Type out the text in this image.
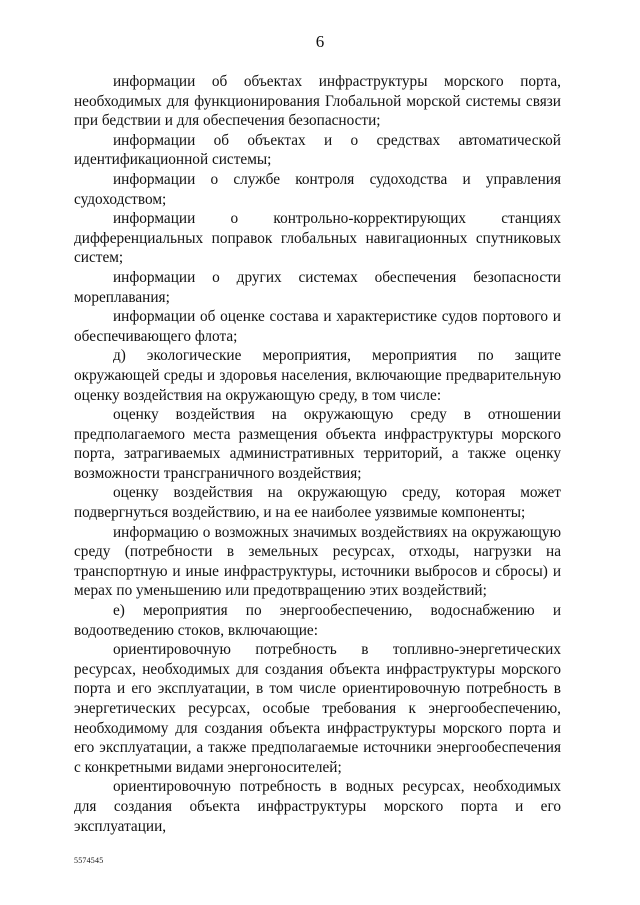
6

информации об объектах инфраструктуры морского порта, необходимых для функционирования Глобальной морской системы связи при бедствии и для обеспечения безопасности;

информации об объектах и о средствах автоматической идентификационной системы;

информации о службе контроля судоходства и управления судоходством;

информации о контрольно-корректирующих станциях дифференциальных поправок глобальных навигационных спутниковых систем;

информации о других системах обеспечения безопасности мореплавания;

информации об оценке состава и характеристике судов портового и обеспечивающего флота;

д) экологические мероприятия, мероприятия по защите окружающей среды и здоровья населения, включающие предварительную оценку воздействия на окружающую среду, в том числе:

оценку воздействия на окружающую среду в отношении предполагаемого места размещения объекта инфраструктуры морского порта, затрагиваемых административных территорий, а также оценку возможности трансграничного воздействия;

оценку воздействия на окружающую среду, которая может подвергнуться воздействию, и на ее наиболее уязвимые компоненты;

информацию о возможных значимых воздействиях на окружающую среду (потребности в земельных ресурсах, отходы, нагрузки на транспортную и иные инфраструктуры, источники выбросов и сбросы) и мерах по уменьшению или предотвращению этих воздействий;

е) мероприятия по энергообеспечению, водоснабжению и водоотведению стоков, включающие:

ориентировочную потребность в топливно-энергетических ресурсах, необходимых для создания объекта инфраструктуры морского порта и его эксплуатации, в том числе ориентировочную потребность в энергетических ресурсах, особые требования к энергообеспечению, необходимому для создания объекта инфраструктуры морского порта и его эксплуатации, а также предполагаемые источники энергообеспечения с конкретными видами энергоносителей;

ориентировочную потребность в водных ресурсах, необходимых для создания объекта инфраструктуры морского порта и его эксплуатации,

5574545
